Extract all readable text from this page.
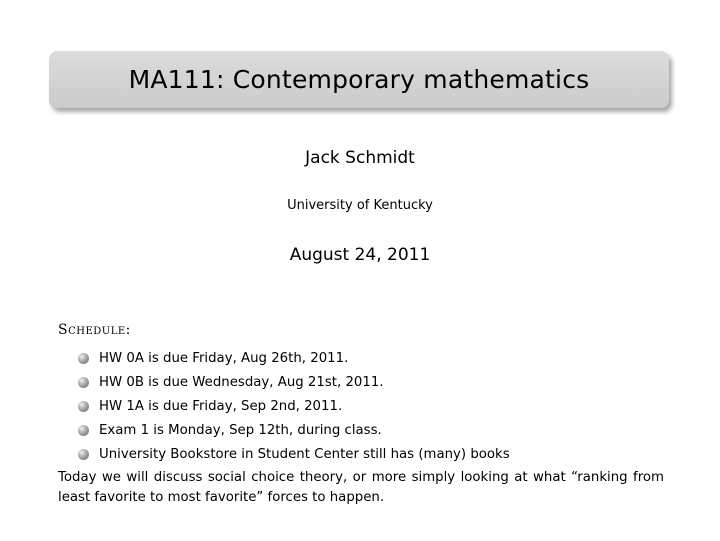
MA111: Contemporary mathematics
Jack Schmidt
University of Kentucky
August 24, 2011
Schedule:
HW 0A is due Friday, Aug 26th, 2011.
HW 0B is due Wednesday, Aug 21st, 2011.
HW 1A is due Friday, Sep 2nd, 2011.
Exam 1 is Monday, Sep 12th, during class.
University Bookstore in Student Center still has (many) books
Today we will discuss social choice theory, or more simply looking at what “ranking from least favorite to most favorite” forces to happen.
